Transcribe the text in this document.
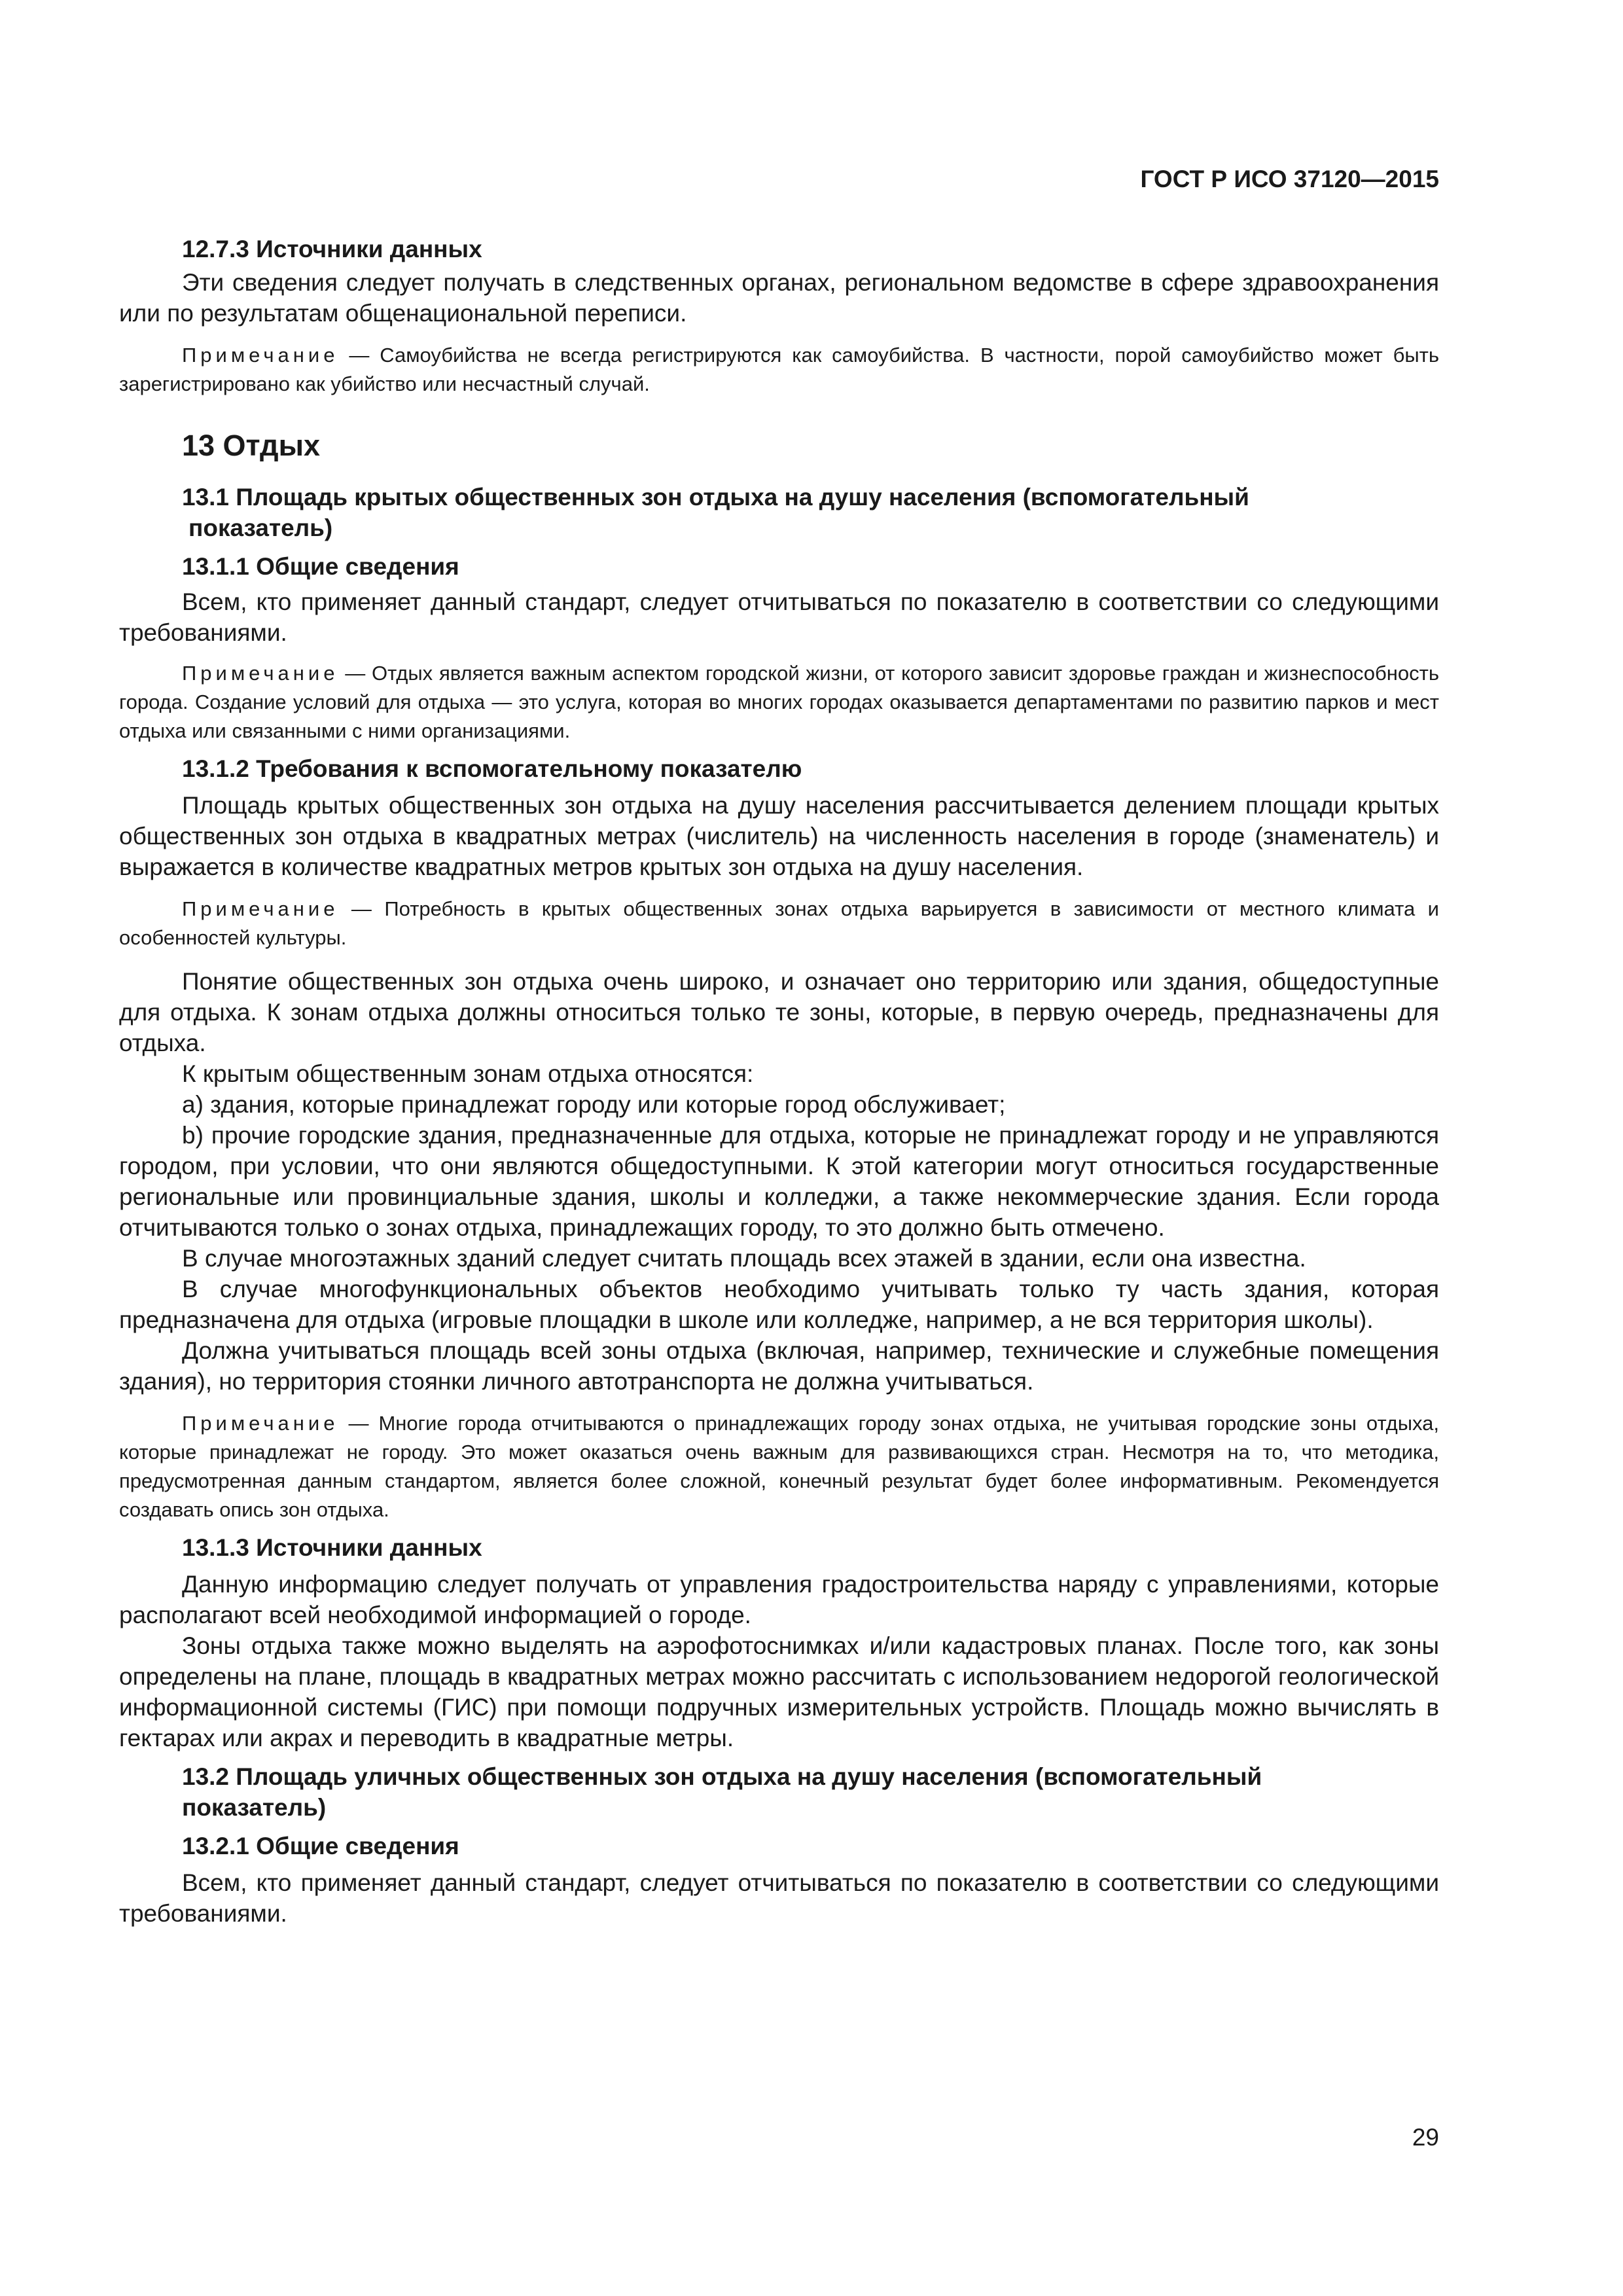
ГОСТ Р ИСО 37120—2015
12.7.3 Источники данных

Эти сведения следует получать в следственных органах, региональном ведомстве в сфере здравоохранения или по результатам общенациональной переписи.

Примечание — Самоубийства не всегда регистрируются как самоубийства. В частности, порой самоубийство может быть зарегистрировано как убийство или несчастный случай.

13 Отдых
13.1 Площадь крытых общественных зон отдыха на душу населения (вспомогательный
показатель)
13.1.1 Общие сведения

Всем, кто применяет данный стандарт, следует отчитываться по показателю в соответствии со следующими требованиями.

Примечание — Отдых является важным аспектом городской жизни, от которого зависит здоровье граждан и жизнеспособность города. Создание условий для отдыха — это услуга, которая во многих городах оказывается департаментами по развитию парков и мест отдыха или связанными с ними организациями.

13.1.2 Требования к вспомогательному показателю

Площадь крытых общественных зон отдыха на душу населения рассчитывается делением площади крытых общественных зон отдыха в квадратных метрах (числитель) на численность населения в городе (знаменатель) и выражается в количестве квадратных метров крытых зон отдыха на душу населения.

Примечание — Потребность в крытых общественных зонах отдыха варьируется в зависимости от местного климата и особенностей культуры.

Понятие общественных зон отдыха очень широко, и означает оно территорию или здания, общедоступные для отдыха. К зонам отдыха должны относиться только те зоны, которые, в первую очередь, предназначены для отдыха.

К крытым общественным зонам отдыха относятся:

a) здания, которые принадлежат городу или которые город обслуживает;

b) прочие городские здания, предназначенные для отдыха, которые не принадлежат городу и не управляются городом, при условии, что они являются общедоступными. К этой категории могут относиться государственные региональные или провинциальные здания, школы и колледжи, а также некоммерческие здания. Если города отчитываются только о зонах отдыха, принадлежащих городу, то это должно быть отмечено.

В случае многоэтажных зданий следует считать площадь всех этажей в здании, если она известна.

В случае многофункциональных объектов необходимо учитывать только ту часть здания, которая предназначена для отдыха (игровые площадки в школе или колледже, например, а не вся территория школы).

Должна учитываться площадь всей зоны отдыха (включая, например, технические и служебные помещения здания), но территория стоянки личного автотранспорта не должна учитываться.

Примечание — Многие города отчитываются о принадлежащих городу зонах отдыха, не учитывая городские зоны отдыха, которые принадлежат не городу. Это может оказаться очень важным для развивающихся стран. Несмотря на то, что методика, предусмотренная данным стандартом, является более сложной, конечный результат будет более информативным. Рекомендуется создавать опись зон отдыха.

13.1.3 Источники данных

Данную информацию следует получать от управления градостроительства наряду с управлениями, которые располагают всей необходимой информацией о городе.

Зоны отдыха также можно выделять на аэрофотоснимках и/или кадастровых планах. После того, как зоны определены на плане, площадь в квадратных метрах можно рассчитать с использованием недорогой геологической информационной системы (ГИС) при помощи подручных измерительных устройств. Площадь можно вычислять в гектарах или акрах и переводить в квадратные метры.

13.2 Площадь уличных общественных зон отдыха на душу населения (вспомогательный
показатель)
13.2.1 Общие сведения

Всем, кто применяет данный стандарт, следует отчитываться по показателю в соответствии со следующими требованиями.

29
